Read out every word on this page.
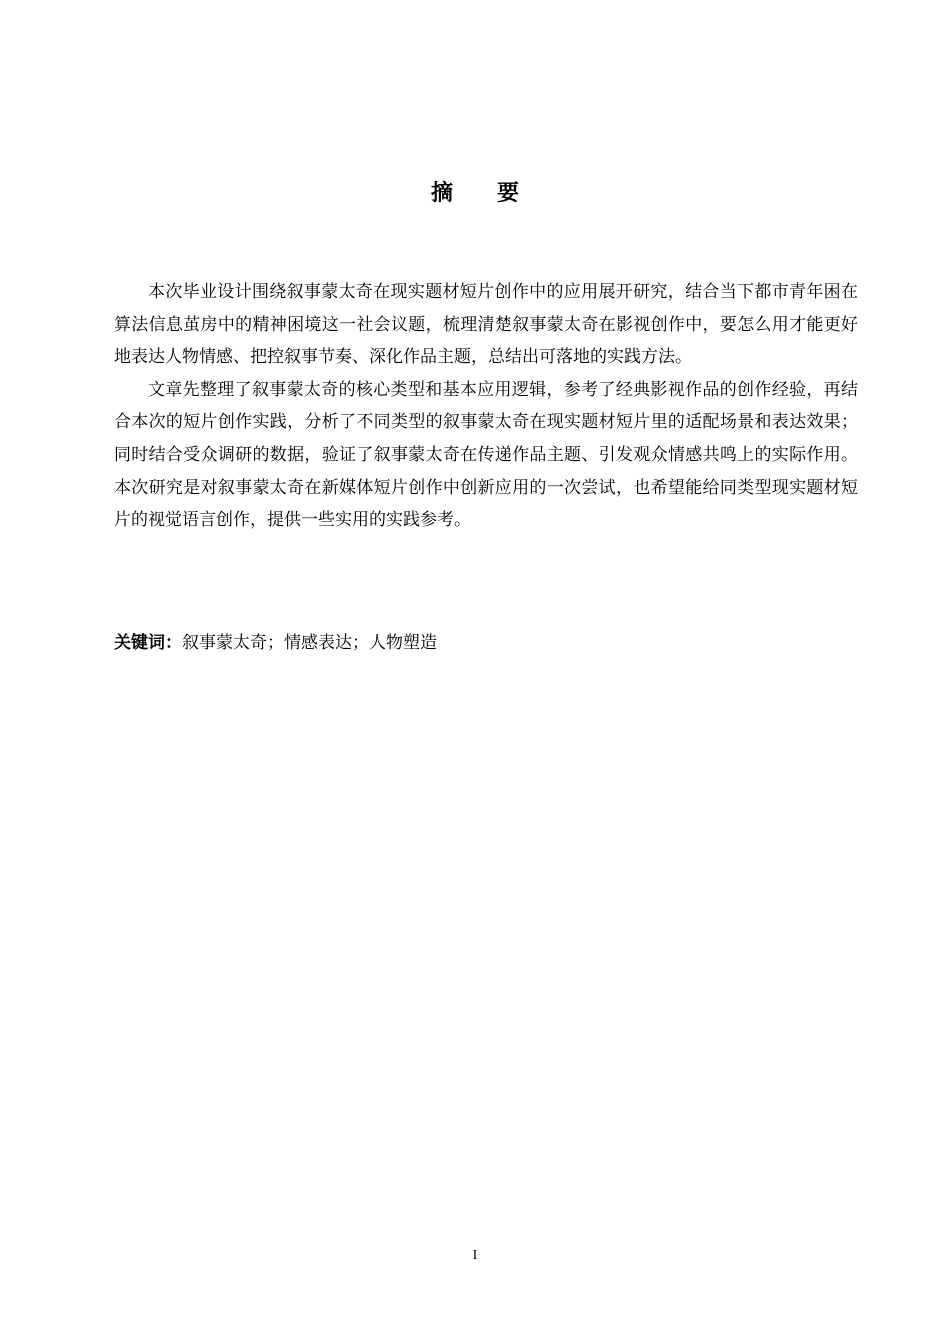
摘 要

本次毕业设计围绕叙事蒙太奇在现实题材短片创作中的应用展开研究，结合当下都市青年困在算法信息茧房中的精神困境这一社会议题，梳理清楚叙事蒙太奇在影视创作中，要怎么用才能更好地表达人物情感、把控叙事节奏、深化作品主题，总结出可落地的实践方法。

文章先整理了叙事蒙太奇的核心类型和基本应用逻辑，参考了经典影视作品的创作经验，再结合本次的短片创作实践，分析了不同类型的叙事蒙太奇在现实题材短片里的适配场景和表达效果；同时结合受众调研的数据，验证了叙事蒙太奇在传递作品主题、引发观众情感共鸣上的实际作用。本次研究是对叙事蒙太奇在新媒体短片创作中创新应用的一次尝试，也希望能给同类型现实题材短片的视觉语言创作，提供一些实用的实践参考。

关键词：叙事蒙太奇；情感表达；人物塑造
I
